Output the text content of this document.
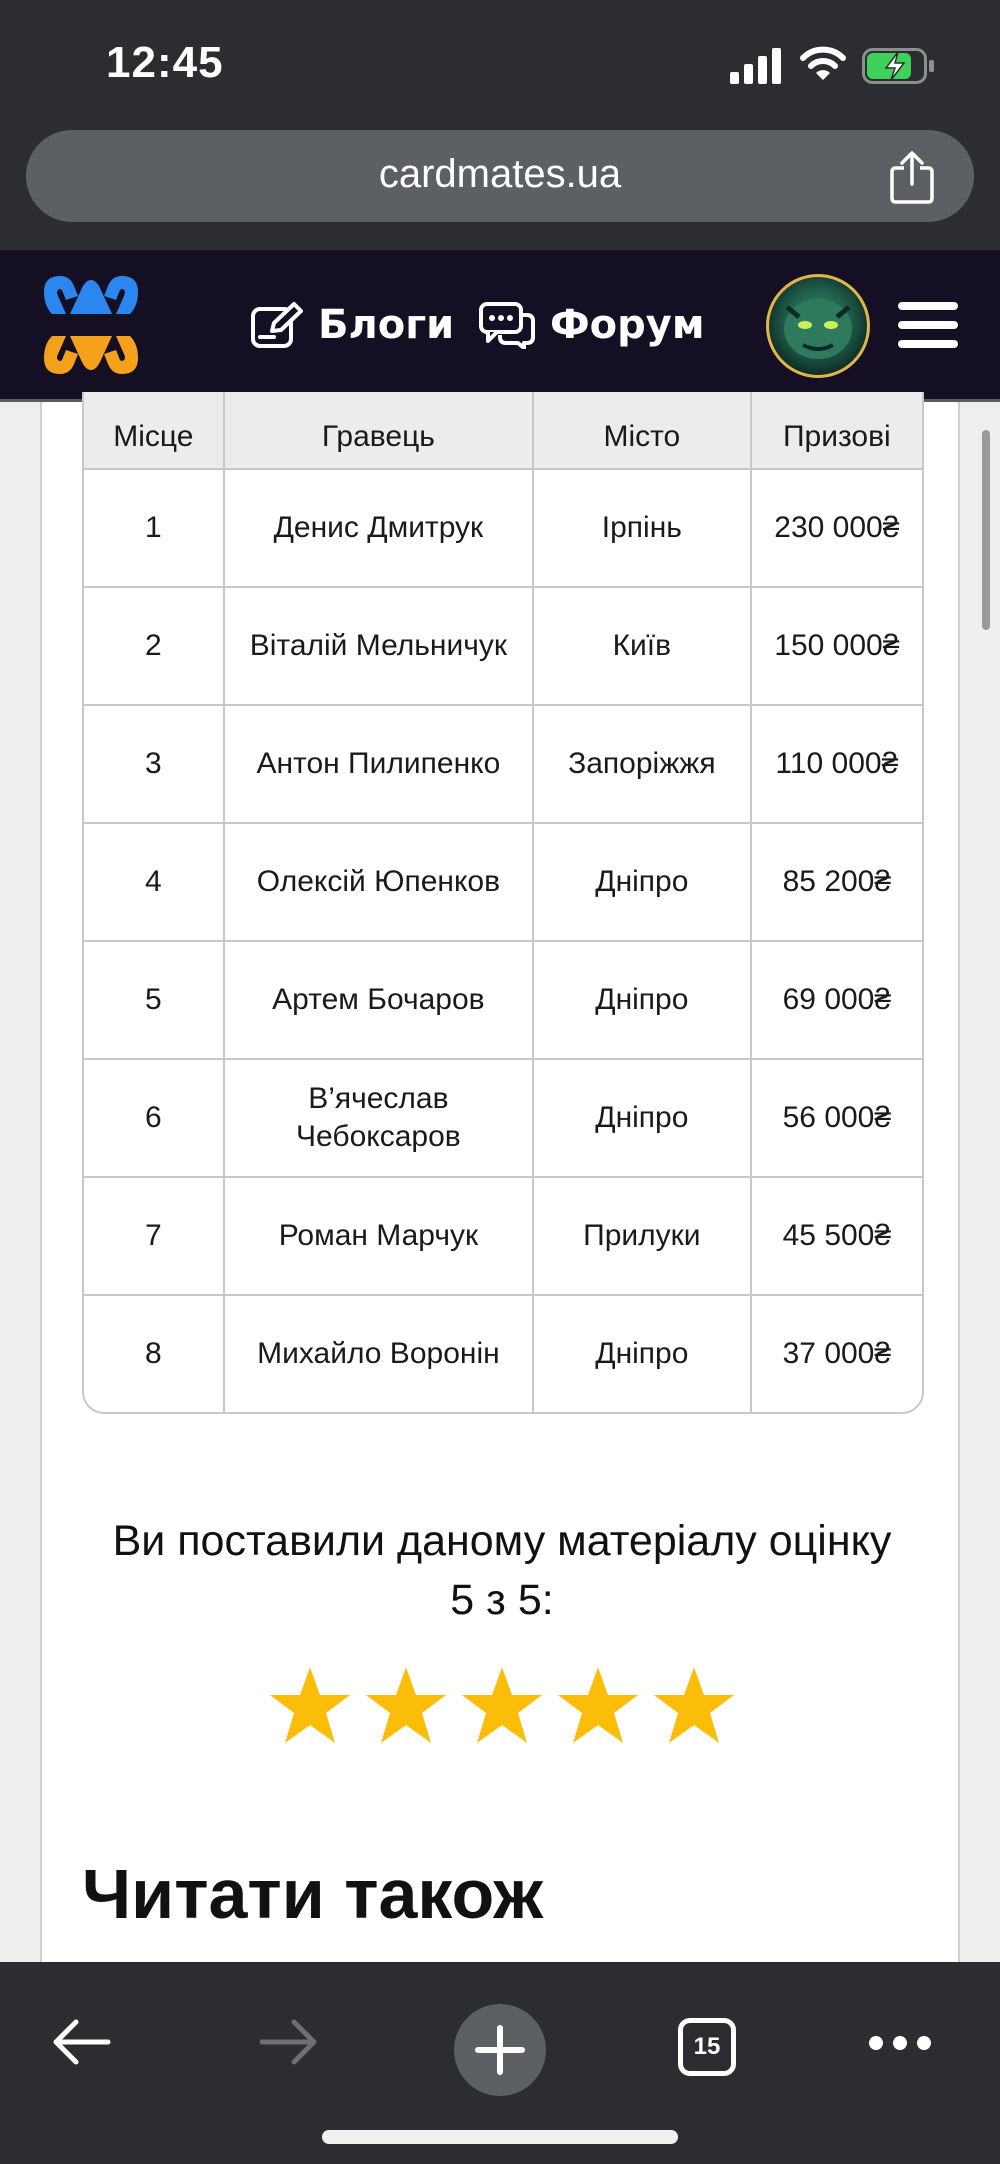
12:45
cardmates.ua
Блоги Форум
Місце	Гравець	Місто	Призові
1	Денис Дмитрук	Ірпінь	230 000₴
2	Віталій Мельничук	Київ	150 000₴
3	Антон Пилипенко	Запоріжжя	110 000₴
4	Олексій Юпенков	Дніпро	85 200₴
5	Артем Бочаров	Дніпро	69 000₴
6	В’ячеслав Чебоксаров	Дніпро	56 000₴
7	Роман Марчук	Прилуки	45 500₴
8	Михайло Воронін	Дніпро	37 000₴
Ви поставили даному матеріалу оцінку 5 з 5:
Читати також
15
